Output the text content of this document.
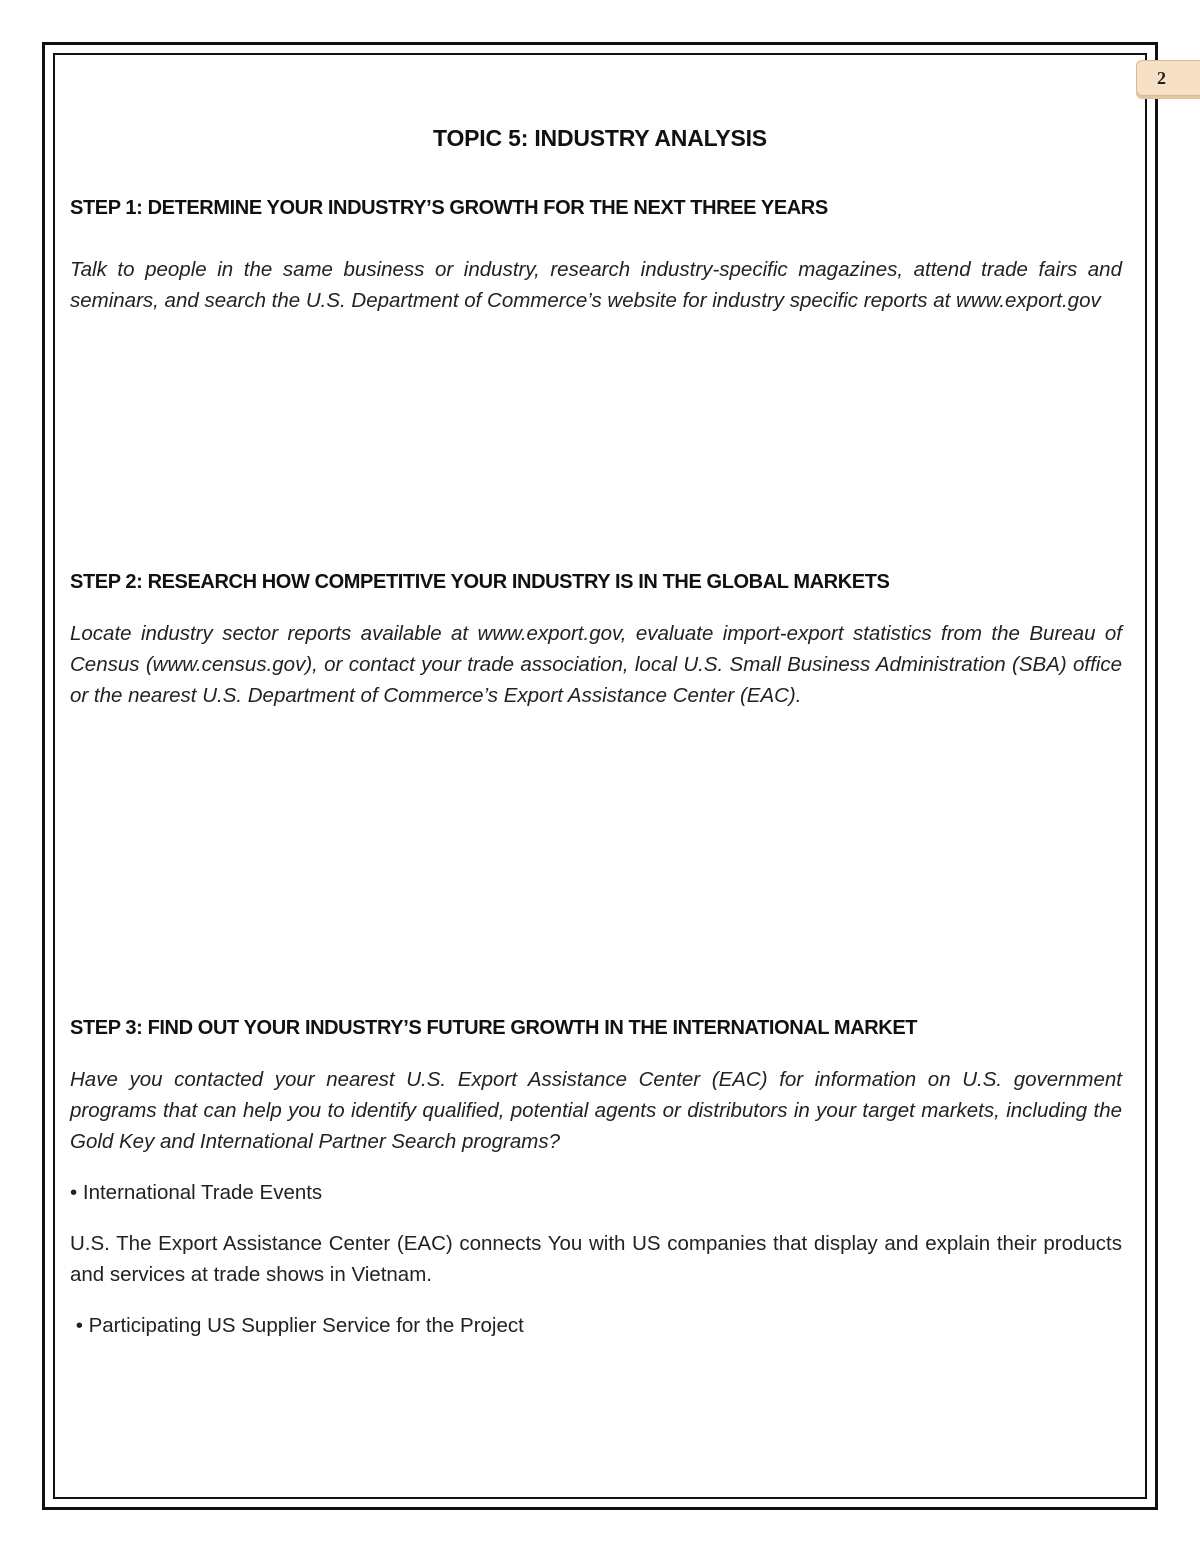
2
TOPIC 5: INDUSTRY ANALYSIS
STEP 1: DETERMINE YOUR INDUSTRY’S GROWTH FOR THE NEXT THREE YEARS
Talk to people in the same business or industry, research industry-specific magazines, attend trade fairs and seminars, and search the U.S. Department of Commerce’s website for industry specific reports at www.export.gov
STEP 2: RESEARCH HOW COMPETITIVE YOUR INDUSTRY IS IN THE GLOBAL MARKETS
Locate industry sector reports available at www.export.gov, evaluate import-export statistics from the Bureau of Census (www.census.gov), or contact your trade association, local U.S. Small Business Administration (SBA) office or the nearest U.S. Department of Commerce’s Export Assistance Center (EAC).
STEP 3: FIND OUT YOUR INDUSTRY’S FUTURE GROWTH IN THE INTERNATIONAL MARKET
Have you contacted your nearest U.S. Export Assistance Center (EAC) for information on U.S. government programs that can help you to identify qualified, potential agents or distributors in your target markets, including the Gold Key and International Partner Search programs?
• International Trade Events
U.S. The Export Assistance Center (EAC) connects You with US companies that display and explain their products and services at trade shows in Vietnam.
• Participating US Supplier Service for the Project
